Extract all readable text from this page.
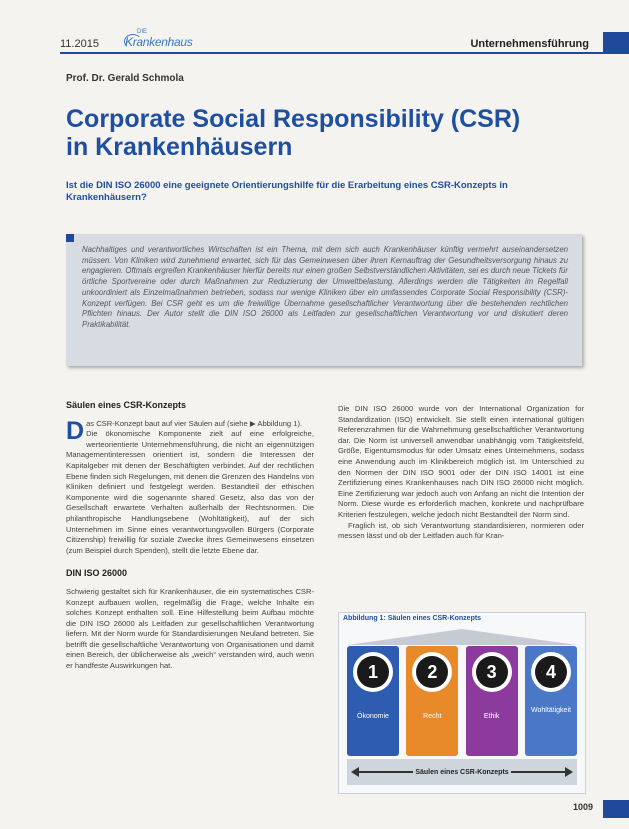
11.2015
DIE
Krankenhaus	Unternehmensführung
Prof. Dr. Gerald Schmola
Corporate Social Responsibility (CSR)
in Krankenhäusern
Ist die DIN ISO 26000 eine geeignete Orientierungshilfe für die Erarbeitung eines CSR-Konzepts in Krankenhäusern?

Nachhaltiges und verantwortliches Wirtschaften ist ein Thema, mit dem sich auch Krankenhäuser künftig vermehrt auseinandersetzen müssen. Von Kliniken wird zunehmend erwartet, sich für das Gemeinwesen über ihren Kernauftrag der Gesundheitsversorgung hinaus zu engagieren. Oftmals ergreifen Krankenhäuser hierfür bereits nur einen großen Selbstverständlichen Aktivitäten, sei es durch neue Tickets für örtliche Sportvereine oder durch Maßnahmen zur Reduzierung der Umweltbelastung. Allerdings werden die Tätigkeiten im Regelfall unkoordiniert als Einzelmaßnahmen betrieben, sodass nur wenige Kliniken über ein umfassendes Corporate Social Responsibility (CSR)-Konzept verfügen. Bei CSR geht es um die freiwillige Übernahme gesellschaftlicher Verantwortung über die bestehenden rechtlichen Pflichten hinaus. Der Autor stellt die DIN ISO 26000 als Leitfaden zur gesellschaftlichen Verantwortung vor und diskutiert deren Praktikabilität.

Säulen eines CSR-Konzepts

Das CSR-Konzept baut auf vier Säulen auf (siehe ▶ Abbildung 1).

Die ökonomische Komponente zielt auf eine erfolgreiche, werteorientierte Unternehmensführung, die nicht an eigennützigen Managementinteressen orientiert ist, sondern die Interessen der Kapitalgeber mit denen der Beschäftigten verbindet. Auf der rechtlichen Ebene finden sich Regelungen, mit denen die Grenzen des Handelns von Kliniken definiert und festgelegt werden. Bestandteil der ethischen Komponente wird die sogenannte shared Gesetz, also das von der Gesellschaft erwartete Verhalten außerhalb der Rechtsnormen. Die philanthropische Handlungsebene (Wohltätigkeit), auf der sich Unternehmen im Sinne eines verantwortungsvollen Bürgers (Corporate Citizenship) freiwillig für soziale Zwecke ihres Gemeinwesens einsetzen (zum Beispiel durch Spenden), stellt die letzte Ebene dar.

DIN ISO 26000

Schwierig gestaltet sich für Krankenhäuser, die ein systematisches CSR-Konzept aufbauen wollen, regelmäßig die Frage, welche Inhalte ein solches Konzept enthalten soll. Eine Hilfestellung beim Aufbau möchte die DIN ISO 26000 als Leitfaden zur gesellschaftlichen Verantwortung liefern. Mit der Norm wurde für Standardisierungen Neuland betreten. Sie betrifft die gesellschaftliche Verantwortung von Organisationen und damit einen Bereich, der üblicherweise als „weich“ verstanden wird, auch wenn er handfeste Auswirkungen hat.

Die DIN ISO 26000 wurde von der International Organization for Standardization (ISO) entwickelt. Sie stellt einen international gültigen Referenzrahmen für die Wahrnehmung gesellschaftlicher Verantwortung dar. Die Norm ist universell anwendbar unabhängig vom Tätigkeitsfeld, Größe, Eigentumsmodus für oder Umsatz eines Unternehmens, sodass eine Anwendung auch im Klinikbereich möglich ist. Im Unterschied zu den Normen der DIN ISO 9001 oder der DIN ISO 14001 ist eine Zertifizierung eines Krankenhauses nach DIN ISO 26000 nicht möglich. Eine Zertifizierung war jedoch auch von Anfang an nicht die Intention der Norm. Diese wurde es erforderlich machen, konkrete und nachprüfbare Kriterien festzulegen, welche jedoch nicht Bestandteil der Norm sind.

Fraglich ist, ob sich Verantwortung standardisieren, normieren oder messen lässt und ob der Leitfaden auch für Kran-

Abbildung 1: Säulen eines CSR-Konzepts
1
Ökonomie
2
Recht
3
Ethik
4
Wohltätigkeit
Säulen eines CSR-Konzepts
1009
